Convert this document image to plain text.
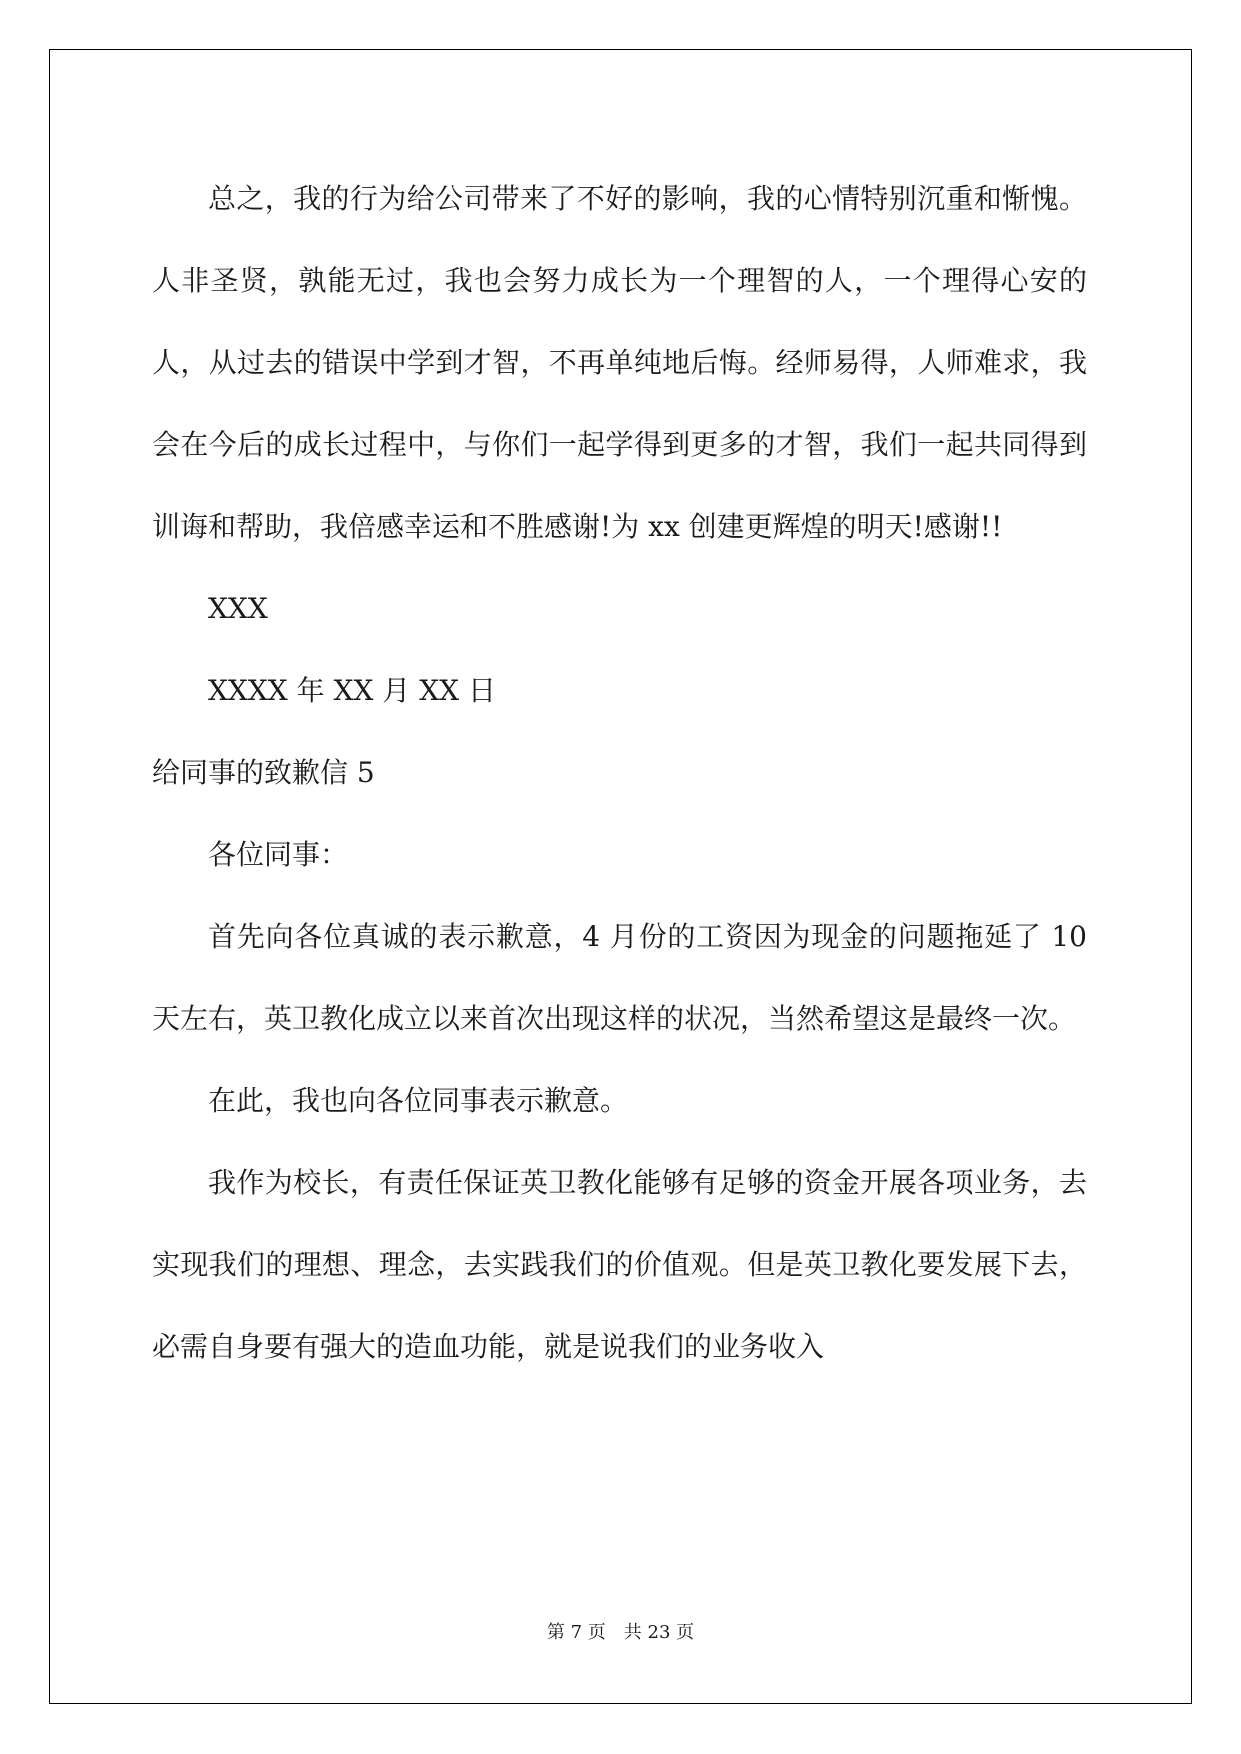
总之，我的行为给公司带来了不好的影响，我的心情特别沉重和惭愧。人非圣贤，孰能无过，我也会努力成长为一个理智的人，一个理得心安的人，从过去的错误中学到才智，不再单纯地后悔。经师易得，人师难求，我会在今后的成长过程中，与你们一起学得到更多的才智，我们一起共同得到训诲和帮助，我倍感幸运和不胜感谢!为 xx 创建更辉煌的明天!感谢!!

XXX

XXXX 年 XX 月 XX 日

给同事的致歉信 5

各位同事：

首先向各位真诚的表示歉意，4 月份的工资因为现金的问题拖延了 10 天左右，英卫教化成立以来首次出现这样的状况，当然希望这是最终一次。

在此，我也向各位同事表示歉意。

我作为校长，有责任保证英卫教化能够有足够的资金开展各项业务，去实现我们的理想、理念，去实践我们的价值观。但是英卫教化要发展下去，必需自身要有强大的造血功能，就是说我们的业务收入

第 7 页　共 23 页
